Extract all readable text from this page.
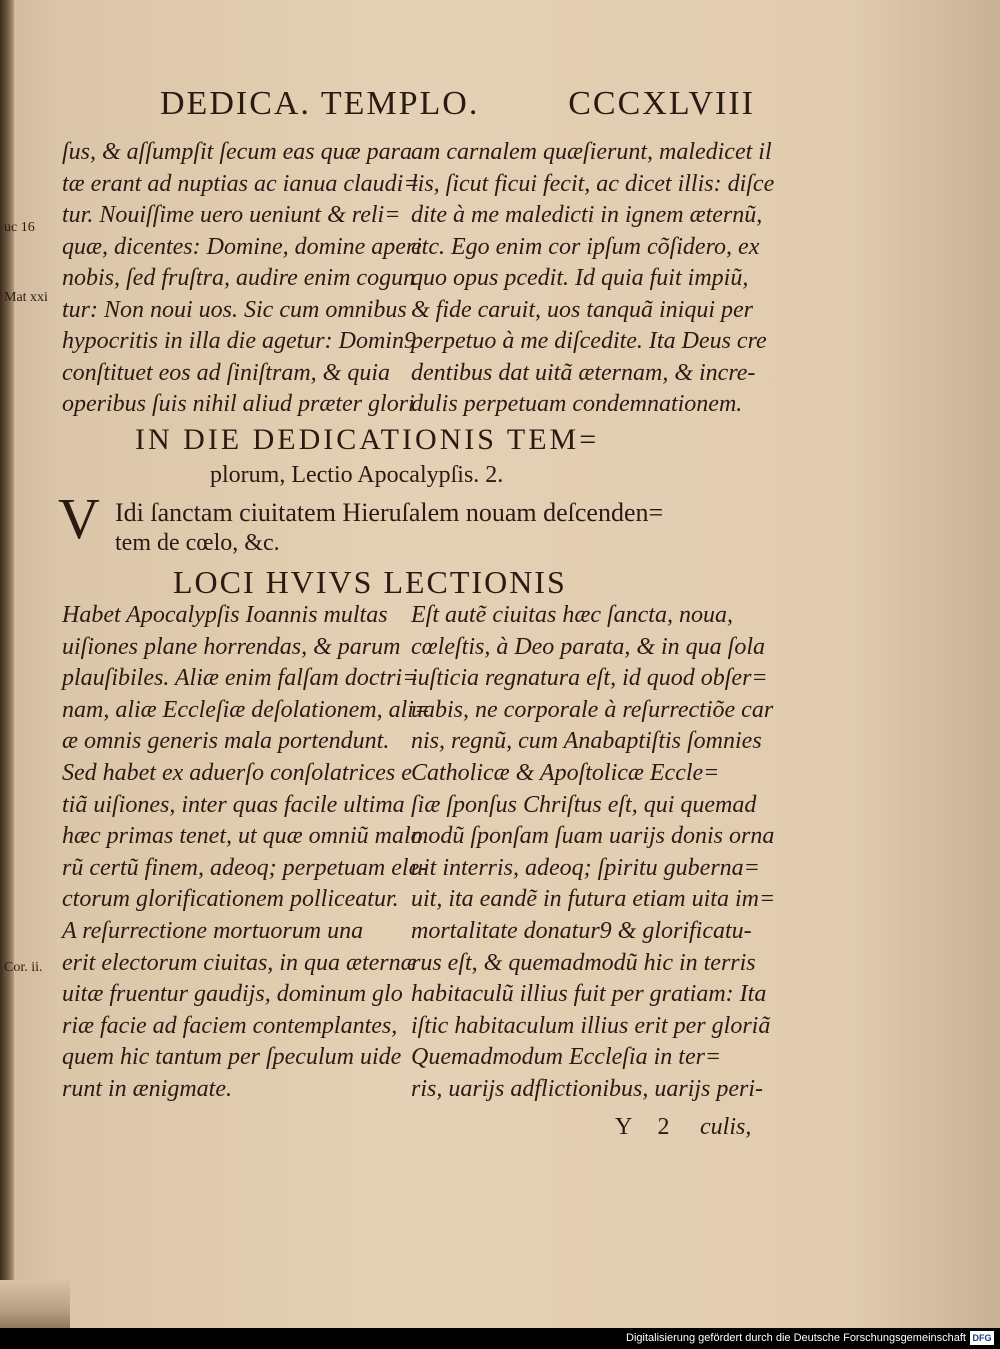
DEDICA. TEMPLO.	CCCXLVIII
ſus, & aſſumpſit ſecum eas quæ para
tæ erant ad nuptias ac ianua claudi=
tur. Nouiſſime uero ueniunt & reli=
quæ, dicentes: Domine, domine aperi
nobis, ſed fruſtra, audire enim cogun
tur: Non noui uos. Sic cum omnibus
hypocritis in illa die agetur: Domin9
conſtituet eos ad ſiniſtram, & quia
operibus ſuis nihil aliud præter glori
am carnalem quæſierunt, maledicet il
lis, ſicut ficui fecit, ac dicet illis: diſce
dite à me maledicti in ignem æternũ,
etc. Ego enim cor ipſum cõſidero, ex
quo opus pcedit. Id quia fuit impiũ,
& fide caruit, uos tanquã iniqui per
perpetuo à me diſcedite. Ita Deus cre
dentibus dat uitã æternam, & incre-
dulis perpetuam condemnationem.
uc 16
Mat xxi
Cor. ii.
IN DIE DEDICATIONIS TEM=
plorum, Lectio Apocalypſis. 2.
V Idi ſanctam ciuitatem Hieruſalem nouam deſcenden=
tem de cœlo, &c.
LOCI HVIVS LECTIONIS
Habet Apocalypſis Ioannis multas
uiſiones plane horrendas, & parum
plauſibiles. Aliæ enim falſam doctri=
nam, aliæ Eccleſiæ deſolationem, ali=
æ omnis generis mala portendunt.
Sed habet ex aduerſo conſolatrices e
tiã uiſiones, inter quas facile ultima
hæc primas tenet, ut quæ omniũ malo
rũ certũ finem, adeoq; perpetuam ele-
ctorum glorificationem polliceatur.
A reſurrectione mortuorum una
erit electorum ciuitas, in qua æternæ
uitæ fruentur gaudijs, dominum glo
riæ facie ad faciem contemplantes,
quem hic tantum per ſpeculum uide
runt in ænigmate.
Eſt autẽ ciuitas hæc ſancta, noua,
cœleſtis, à Deo parata, & in qua ſola
iuſticia regnatura eſt, id quod obſer=
uabis, ne corporale à reſurrectiõe car
nis, regnũ, cum Anabaptiſtis ſomnies
Catholicæ & Apoſtolicæ Eccle=
ſiæ ſponſus Chriſtus eſt, qui quemad
modũ ſponſam ſuam uarijs donis orna
uit interris, adeoq; ſpiritu guberna=
uit, ita eandẽ in futura etiam uita im=
mortalitate donatur9 & glorificatu-
rus eſt, & quemadmodũ hic in terris
habitaculũ illius fuit per gratiam: Ita
iſtic habitaculum illius erit per gloriã
Quemadmodum Eccleſia in ter=
ris, uarijs adflictionibus, uarijs peri-
Y 2 culis,
Digitalisierung gefördert durch die Deutsche Forschungsgemeinschaft DFG
